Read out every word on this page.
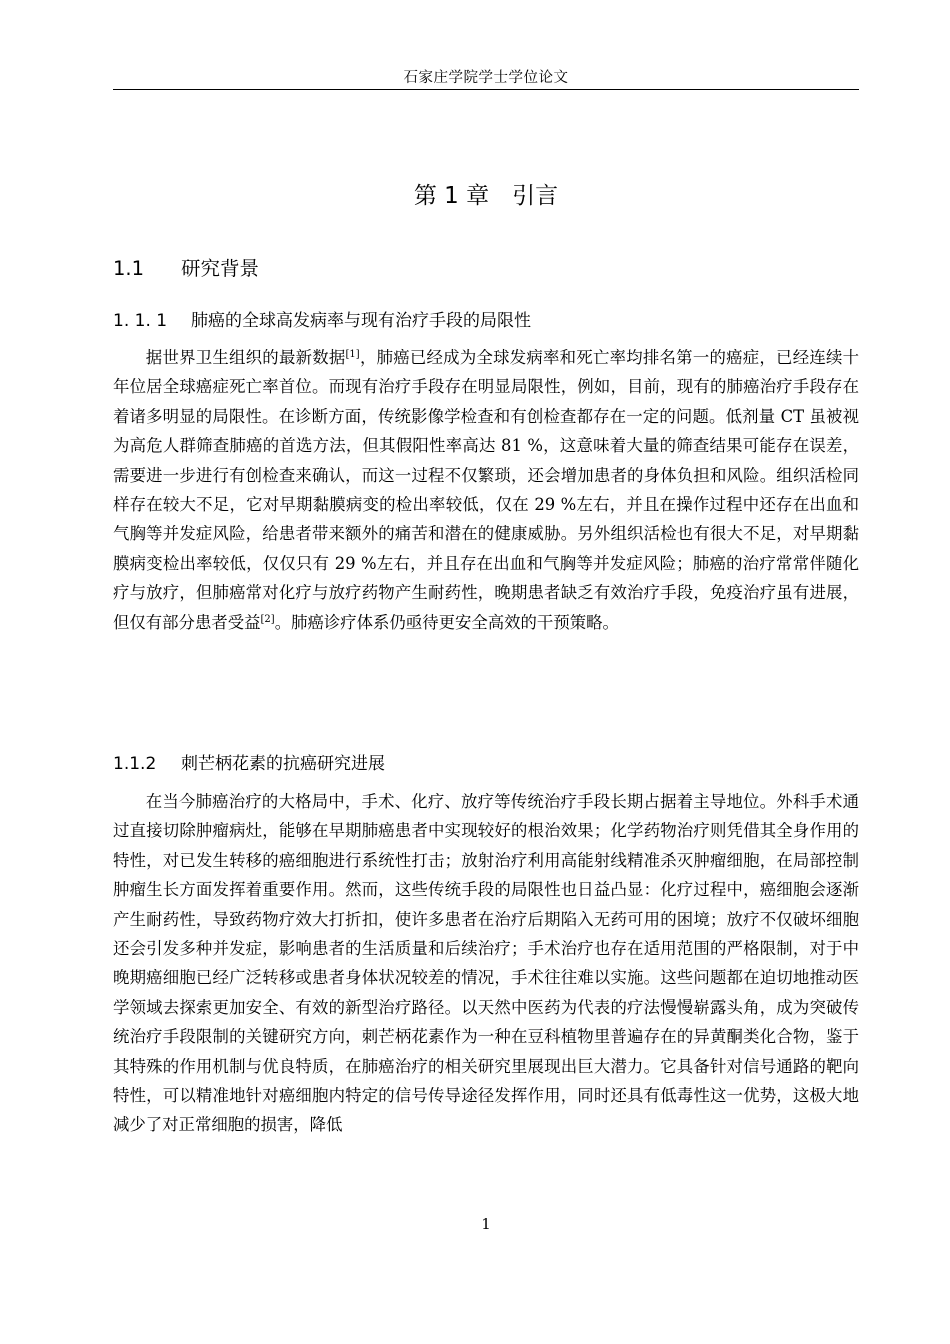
石家庄学院学士学位论文
第 1 章　引言
1.1 研究背景
1. 1. 1 肺癌的全球高发病率与现有治疗手段的局限性

据世界卫生组织的最新数据[1]，肺癌已经成为全球发病率和死亡率均排名第一的癌症，已经连续十年位居全球癌症死亡率首位。而现有治疗手段存在明显局限性，例如，目前，现有的肺癌治疗手段存在着诸多明显的局限性。在诊断方面，传统影像学检查和有创检查都存在一定的问题。低剂量 CT 虽被视为高危人群筛查肺癌的首选方法，但其假阳性率高达 81 %，这意味着大量的筛查结果可能存在误差，需要进一步进行有创检查来确认，而这一过程不仅繁琐，还会增加患者的身体负担和风险。组织活检同样存在较大不足，它对早期黏膜病变的检出率较低，仅在 29 %左右，并且在操作过程中还存在出血和气胸等并发症风险，给患者带来额外的痛苦和潜在的健康威胁。另外组织活检也有很大不足，对早期黏膜病变检出率较低，仅仅只有 29 %左右，并且存在出血和气胸等并发症风险；肺癌的治疗常常伴随化疗与放疗，但肺癌常对化疗与放疗药物产生耐药性，晚期患者缺乏有效治疗手段，免疫治疗虽有进展，但仅有部分患者受益[2]。肺癌诊疗体系仍亟待更安全高效的干预策略。

1.1.2 刺芒柄花素的抗癌研究进展

在当今肺癌治疗的大格局中，手术、化疗、放疗等传统治疗手段长期占据着主导地位。外科手术通过直接切除肿瘤病灶，能够在早期肺癌患者中实现较好的根治效果；化学药物治疗则凭借其全身作用的特性，对已发生转移的癌细胞进行系统性打击；放射治疗利用高能射线精准杀灭肿瘤细胞，在局部控制肿瘤生长方面发挥着重要作用。然而，这些传统手段的局限性也日益凸显：化疗过程中，癌细胞会逐渐产生耐药性，导致药物疗效大打折扣，使许多患者在治疗后期陷入无药可用的困境；放疗不仅破坏细胞还会引发多种并发症，影响患者的生活质量和后续治疗；手术治疗也存在适用范围的严格限制，对于中晚期癌细胞已经广泛转移或患者身体状况较差的情况，手术往往难以实施。这些问题都在迫切地推动医学领域去探索更加安全、有效的新型治疗路径。以天然中医药为代表的疗法慢慢崭露头角，成为突破传统治疗手段限制的关键研究方向，刺芒柄花素作为一种在豆科植物里普遍存在的异黄酮类化合物，鉴于其特殊的作用机制与优良特质，在肺癌治疗的相关研究里展现出巨大潜力。它具备针对信号通路的靶向特性，可以精准地针对癌细胞内特定的信号传导途径发挥作用，同时还具有低毒性这一优势，这极大地减少了对正常细胞的损害，降低

1
